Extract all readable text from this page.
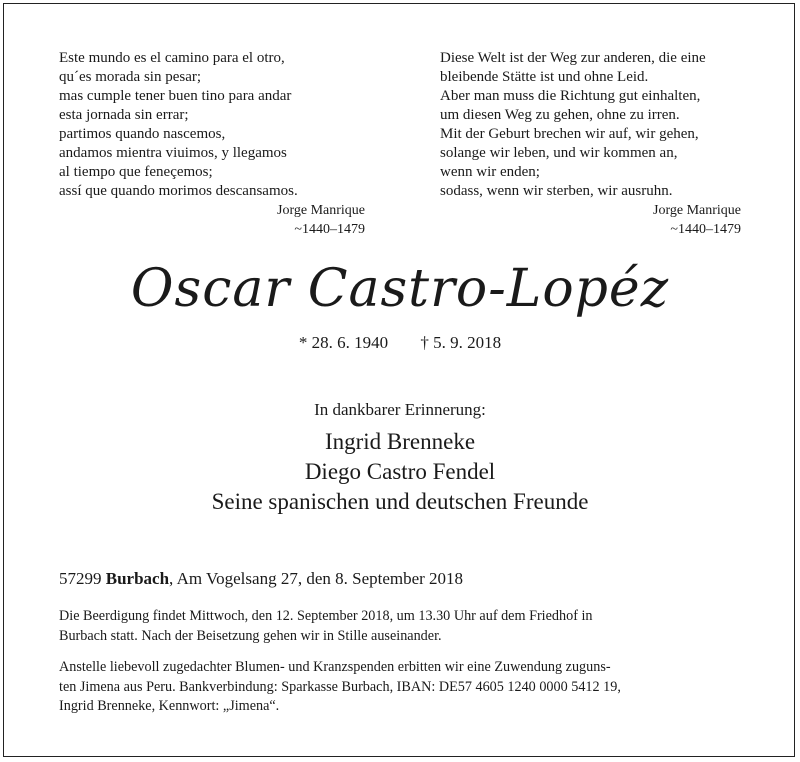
Este mundo es el camino para el otro,
qu´es morada sin pesar;
mas cumple tener buen tino para andar
esta jornada sin errar;
partimos quando nascemos,
andamos mientra viuimos, y llegamos
al tiempo que feneçemos;
assí que quando morimos descansamos.
Jorge Manrique
~1440–1479
Diese Welt ist der Weg zur anderen, die eine
bleibende Stätte ist und ohne Leid.
Aber man muss die Richtung gut einhalten,
um diesen Weg zu gehen, ohne zu irren.
Mit der Geburt brechen wir auf, wir gehen,
solange wir leben, und wir kommen an,
wenn wir enden;
sodass, wenn wir sterben, wir ausruhn.
Jorge Manrique
~1440–1479
Oscar Castro-Lopéz
* 28. 6. 1940 † 5. 9. 2018
In dankbarer Erinnerung:
Ingrid Brenneke
Diego Castro Fendel
Seine spanischen und deutschen Freunde
57299 Burbach, Am Vogelsang 27, den 8. September 2018
Die Beerdigung findet Mittwoch, den 12. September 2018, um 13.30 Uhr auf dem Friedhof in
Burbach statt. Nach der Beisetzung gehen wir in Stille auseinander.
Anstelle liebevoll zugedachter Blumen- und Kranzspenden erbitten wir eine Zuwendung zuguns-
ten Jimena aus Peru. Bankverbindung: Sparkasse Burbach, IBAN: DE57 4605 1240 0000 5412 19,
Ingrid Brenneke, Kennwort: „Jimena“.
